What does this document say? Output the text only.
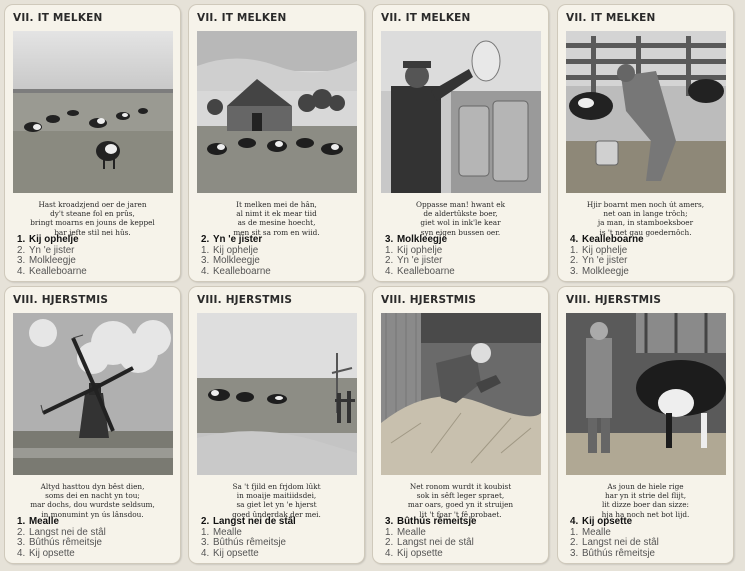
VII. IT MELKEN
Hast kroadzjend oer de jaren
dy't steane fol en prûs,
bringt moarns en jouns de keppel
bar jefte stil nei hûs.
1. Kij ophelje
2. Yn 'e jister
3. Molkleegje
4. Kealleboarne
VII. IT MELKEN
It melken mei de hân,
al nimt it ek mear tiid
as de mesine hoecht,
men sit sa rom en wiid.
2. Yn 'e jister
1. Kij ophelje
3. Molkleegje
4. Kealleboarne
VII. IT MELKEN
Oppasse man! hwant ek
de aldertûkste boer,
giet wol in ink'le kear
syn eigen bussen oer.
3. Molkleegje
1. Kij ophelje
2. Yn 'e jister
4. Kealleboarne
VII. IT MELKEN
Hjir boarnt men noch út amers,
net oan in lange trôch;
ja man, in stamboeksboer
is 't net gau goedernôch.
4. Kealleboarne
1. Kij ophelje
2. Yn 'e jister
3. Molkleegje
VIII. HJERSTMIS
Altyd hasttou dyn bêst dien,
soms dei en nacht yn tou;
mar dochs, dou wurdste seldsum,
in monumint yn ús lânsdou.
1. Mealle
2. Langst nei de stâl
3. Bûthús rêmeitsje
4. Kij opsette
VIII. HJERSTMIS
Sa 't fjild en frjdom lûkt
in moaije maitiidsdei,
sa giet let yn 'e hjerst
goed ûnderdak der mei.
2. Langst nei de stâl
1. Mealle
3. Bûthús rêmeitsje
4. Kij opsette
VIII. HJERSTMIS
Net ronom wurdt it koubist
sok in sêft leger spraet,
mar oars, goed yn it struijen
lit 't foar 't fê probaet.
3. Bûthús rêmeitsje
1. Mealle
2. Langst nei de stâl
4. Kij opsette
VIII. HJERSTMIS
As joun de hiele rige
har yn it strie del flijt,
lit dizze boer dan sizze:
hja ha noch net bot lijd.
4. Kij opsette
1. Mealle
2. Langst nei de stâl
3. Bûthús rêmeitsje
